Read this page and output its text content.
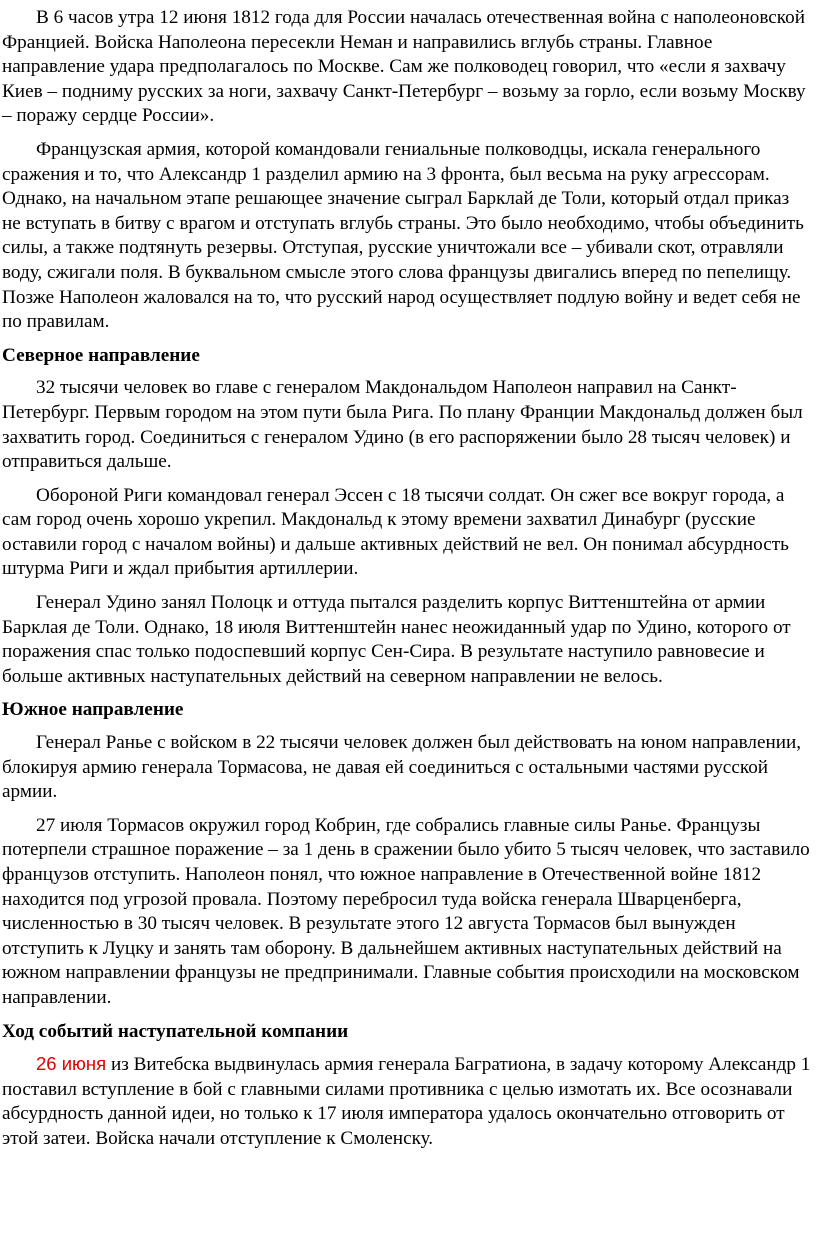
В 6 часов утра 12 июня 1812 года для России началась отечественная война с наполеоновской Францией. Войска Наполеона пересекли Неман и направились вглубь страны. Главное направление удара предполагалось по Москве. Сам же полководец говорил, что «если я захвачу Киев – подниму русских за ноги, захвачу Санкт-Петербург – возьму за горло, если возьму Москву – поражу сердце России».

Французская армия, которой командовали гениальные полководцы, искала генерального сражения и то, что Александр 1 разделил армию на 3 фронта, был весьма на руку агрессорам. Однако, на начальном этапе решающее значение сыграл Барклай де Толи, который отдал приказ не вступать в битву с врагом и отступать вглубь страны. Это было необходимо, чтобы объединить силы, а также подтянуть резервы. Отступая, русские уничтожали все – убивали скот, отравляли воду, сжигали поля. В буквальном смысле этого слова французы двигались вперед по пепелищу. Позже Наполеон жаловался на то, что русский народ осуществляет подлую войну и ведет себя не по правилам.

Северное направление

32 тысячи человек во главе с генералом Макдональдом Наполеон направил на Санкт-Петербург. Первым городом на этом пути была Рига. По плану Франции Макдональд должен был захватить город. Соединиться с генералом Удино (в его распоряжении было 28 тысяч человек) и отправиться дальше.

Обороной Риги командовал генерал Эссен с 18 тысячи солдат. Он сжег все вокруг города, а сам город очень хорошо укрепил. Макдональд к этому времени захватил Динабург (русские оставили город с началом войны) и дальше активных действий не вел. Он понимал абсурдность штурма Риги и ждал прибытия артиллерии.

Генерал Удино занял Полоцк и оттуда пытался разделить корпус Виттенштейна от армии Барклая де Толи. Однако, 18 июля Виттенштейн нанес неожиданный удар по Удино, которого от поражения спас только подоспевший корпус Сен-Сира. В результате наступило равновесие и больше активных наступательных действий на северном направлении не велось.

Южное направление

Генерал Ранье с войском в 22 тысячи человек должен был действовать на юном направлении, блокируя армию генерала Тормасова, не давая ей соединиться с остальными частями русской армии.

27 июля Тормасов окружил город Кобрин, где собрались главные силы Ранье. Французы потерпели страшное поражение – за 1 день в сражении было убито 5 тысяч человек, что заставило французов отступить. Наполеон понял, что южное направление в Отечественной войне 1812 находится под угрозой провала. Поэтому перебросил туда войска генерала Шварценберга, численностью в 30 тысяч человек. В результате этого 12 августа Тормасов был вынужден отступить к Луцку и занять там оборону. В дальнейшем активных наступательных действий на южном направлении французы не предпринимали. Главные события происходили на московском направлении.

Ход событий наступательной компании

26 июня из Витебска выдвинулась армия генерала Багратиона, в задачу которому Александр 1 поставил вступление в бой с главными силами противника с целью измотать их. Все осознавали абсурдность данной идеи, но только к 17 июля императора удалось окончательно отговорить от этой затеи. Войска начали отступление к Смоленску.
